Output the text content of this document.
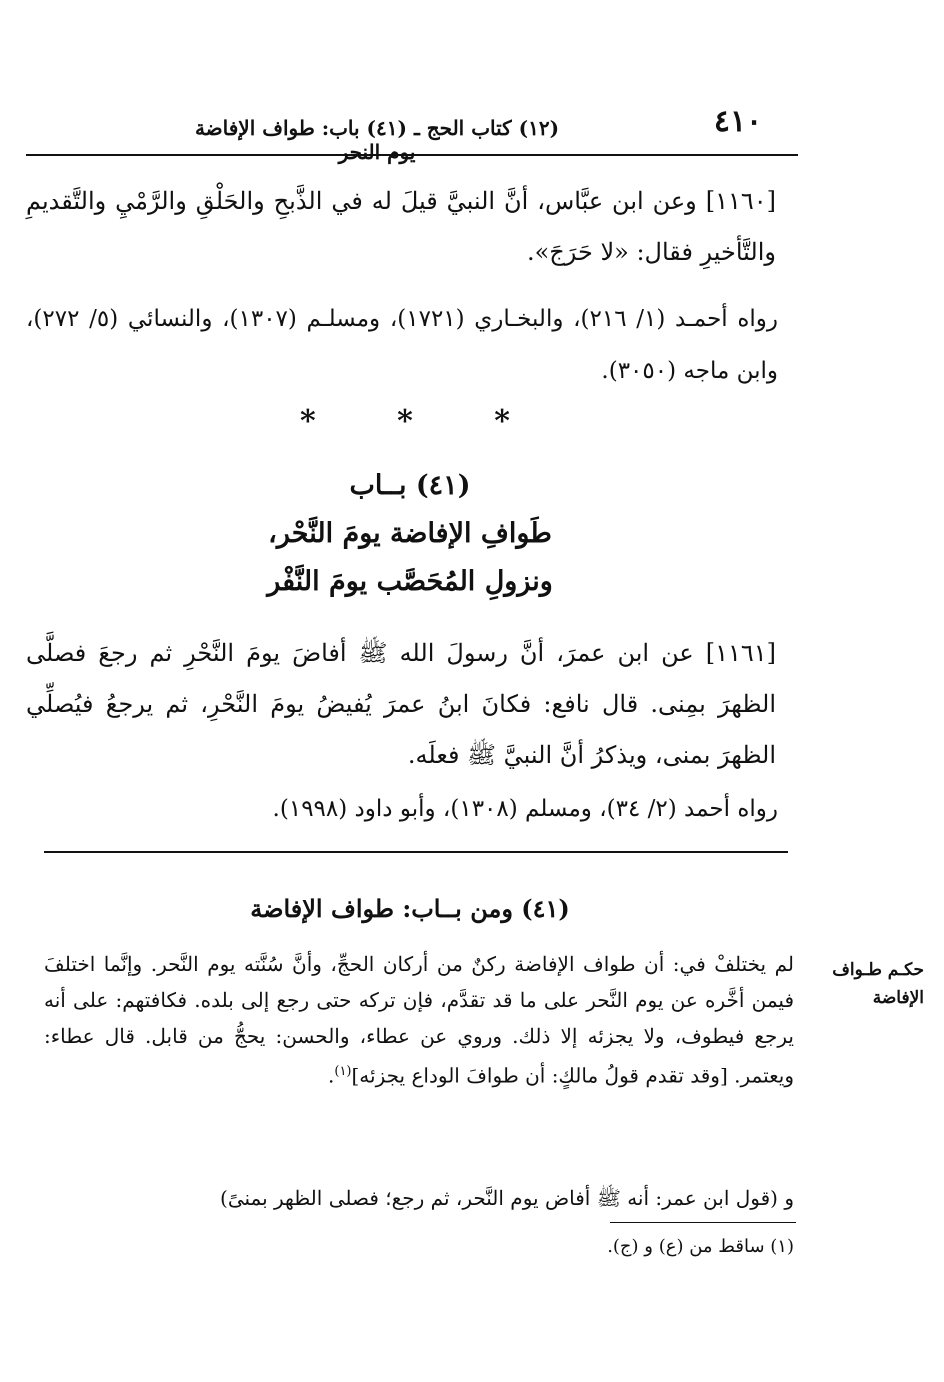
٤١٠
(١٢) كتاب الحج ـ (٤١) باب: طواف الإفاضة يوم النحر
[١١٦٠] وعن ابن عبَّاس، أنَّ النبيَّ قيلَ له في الذَّبحِ والحَلْقِ والرَّمْيِ والتَّقديمِ والتَّأخيرِ فقال: «لا حَرَجَ».
رواه أحمـد (١/ ٢١٦)، والبخـاري (١٧٢١)، ومسلـم (١٣٠٧)، والنسائي (٥/ ٢٧٢)، وابن ماجه (٣٠٥٠).
*
*
*
(٤١) بــاب
طَوافِ الإفاضة يومَ النَّحْر،
ونزولِ المُحَصَّب يومَ النَّفْر
[١١٦١] عن ابن عمرَ، أنَّ رسولَ الله ﷺ أفاضَ يومَ النَّحْرِ ثم رجعَ فصلَّى الظهرَ بمِنى. قال نافع: فكانَ ابنُ عمرَ يُفيضُ يومَ النَّحْرِ، ثم يرجعُ فيُصلِّي الظهرَ بمنى، ويذكرُ أنَّ النبيَّ ﷺ فعلَه.
رواه أحمد (٢/ ٣٤)، ومسلم (١٣٠٨)، وأبو داود (١٩٩٨).
(٤١) ومن بــاب: طواف الإفاضة
حكـم طـواف الإفاضة
لم يختلفْ في: أن طواف الإفاضة ركنٌ من أركان الحجِّ، وأنَّ سُنَّته يوم النَّحر. وإنَّما اختلفَ فيمن أخَّره عن يوم النَّحر على ما قد تقدَّم، فإن تركه حتى رجع إلى بلده. فكافتهم: على أنه يرجع فيطوف، ولا يجزئه إلا ذلك. وروي عن عطاء، والحسن: يحجُّ من قابل. قال عطاء: ويعتمر. [وقد تقدم قولُ مالكٍ: أن طوافَ الوداع يجزئه]$^{(١)}$.
و (قول ابن عمر: أنه ﷺ أفاض يوم النَّحر، ثم رجع؛ فصلى الظهر بمنىً)
(١) ساقط من (ع) و (ج).
